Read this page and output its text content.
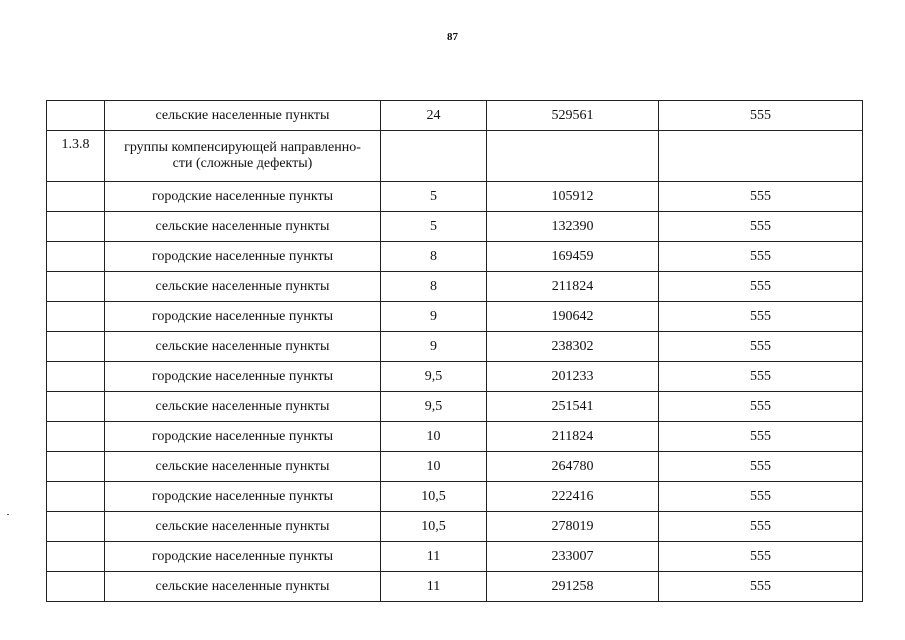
87
	сельские населенные пункты	24	529561	555
1.3.8	группы компенсирующей направленно-
сти (сложные дефекты)			

	городские населенные пункты	5	105912	555
	сельские населенные пункты	5	132390	555
	городские населенные пункты	8	169459	555
	сельские населенные пункты	8	211824	555
	городские населенные пункты	9	190642	555
	сельские населенные пункты	9	238302	555
	городские населенные пункты	9,5	201233	555
	сельские населенные пункты	9,5	251541	555
	городские населенные пункты	10	211824	555
	сельские населенные пункты	10	264780	555
	городские населенные пункты	10,5	222416	555
	сельские населенные пункты	10,5	278019	555
	городские населенные пункты	11	233007	555
	сельские населенные пункты	11	291258	555
